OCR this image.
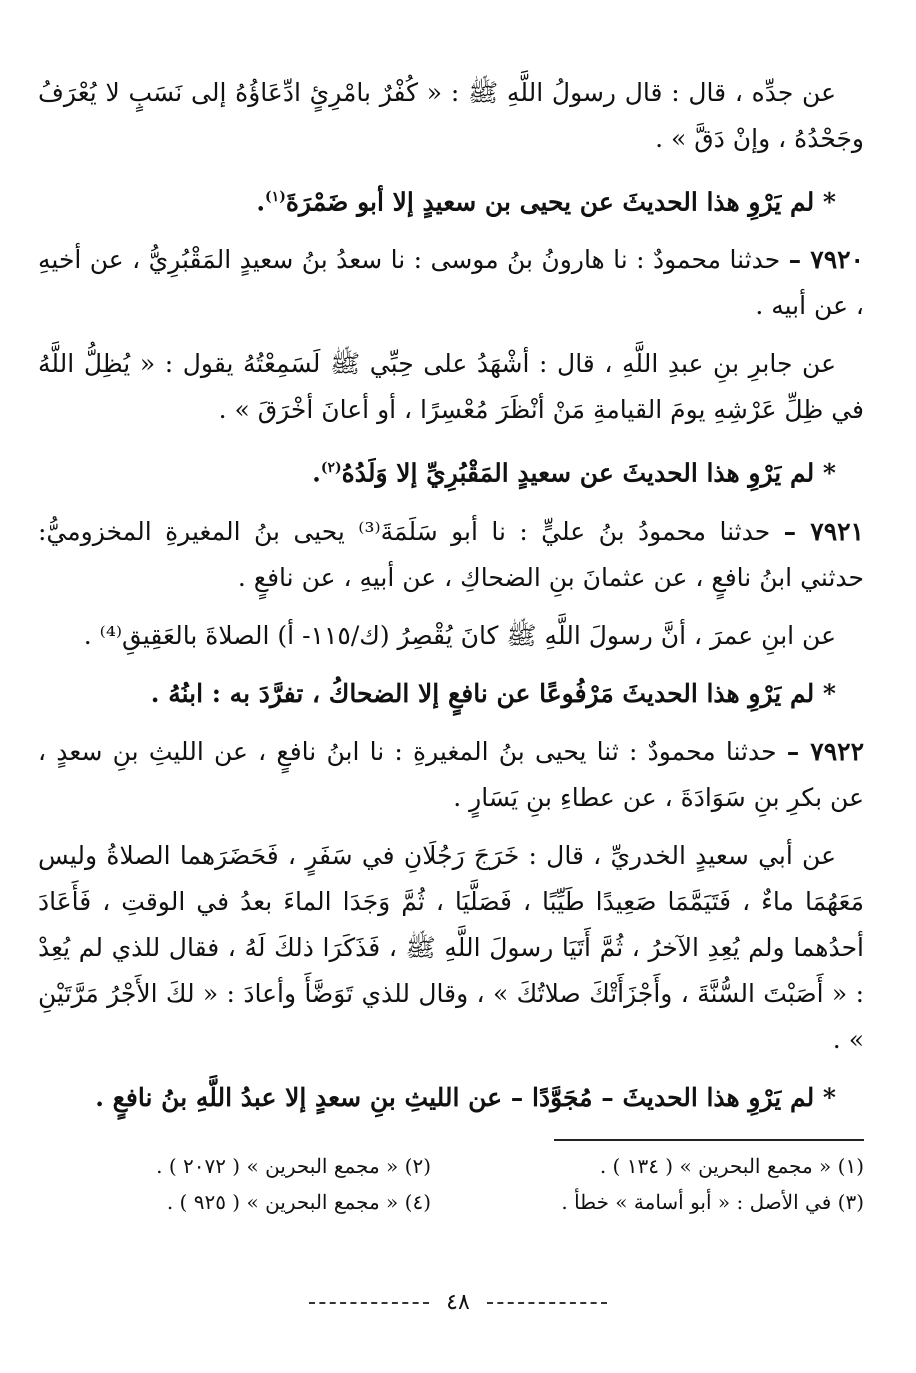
عن جدِّه ، قال : قال رسولُ اللَّهِ ﷺ : « كُفْرٌ بامْرِئٍ ادِّعَاؤُهُ إلى نَسَبٍ لا يُعْرَفُ وجَحْدُهُ ، وإنْ دَقَّ » .

* لم يَرْوِ هذا الحديثَ عن يحيى بن سعيدٍ إلا أبو ضَمْرَةَ$^{(١)}$.

٧٩٢٠ – حدثنا محمودٌ : نا هارونُ بنُ موسى : نا سعدُ بنُ سعيدٍ المَقْبُرِيُّ ، عن أخيهِ ، عن أبيه .

عن جابرِ بنِ عبدِ اللَّهِ ، قال : أشْهَدُ على حِبِّي ﷺ لَسَمِعْتُهُ يقول : « يُظِلُّ اللَّهُ في ظِلِّ عَرْشِهِ يومَ القيامةِ مَنْ أنْظَرَ مُعْسِرًا ، أو أعانَ أخْرَقَ » .

* لم يَرْوِ هذا الحديثَ عن سعيدٍ المَقْبُرِيِّ إلا وَلَدُهُ$^{(٢)}$.

٧٩٢١ – حدثنا محمودُ بنُ عليٍّ : نا أبو سَلَمَةَ⁽³⁾ يحيى بنُ المغيرةِ المخزوميُّ: حدثني ابنُ نافعٍ ، عن عثمانَ بنِ الضحاكِ ، عن أبيهِ ، عن نافعٍ .

عن ابنِ عمرَ ، أنَّ رسولَ اللَّهِ ﷺ كانَ يُقْصِرُ (ك/١١٥- أ) الصلاةَ بالعَقِيقِ⁽⁴⁾ .

* لم يَرْوِ هذا الحديثَ مَرْفُوعًا عن نافعٍ إلا الضحاكُ ، تفرَّدَ به : ابنُهُ .

٧٩٢٢ – حدثنا محمودٌ : ثنا يحيى بنُ المغيرةِ : نا ابنُ نافعٍ ، عن الليثِ بنِ سعدٍ ، عن بكرِ بنِ سَوَادَةَ ، عن عطاءِ بنِ يَسَارٍ .

عن أبي سعيدٍ الخدريِّ ، قال : خَرَجَ رَجُلَانِ في سَفَرٍ ، فَحَضَرَهما الصلاةُ وليس مَعَهُمَا ماءٌ ، فَتَيَمَّمَا صَعِيدًا طَيِّبًا ، فَصَلَّيَا ، ثُمَّ وَجَدَا الماءَ بعدُ في الوقتِ ، فَأَعَادَ أحدُهما ولم يُعِدِ الآخرُ ، ثُمَّ أَتَيَا رسولَ اللَّهِ ﷺ ، فَذَكَرَا ذلكَ لَهُ ، فقال للذي لم يُعِدْ : « أَصَبْتَ السُّنَّةَ ، وأَجْزَأَتْكَ صلاتُكَ » ، وقال للذي تَوَضَّأَ وأعادَ : « لكَ الأَجْرُ مَرَّتَيْنِ » .

* لم يَرْوِ هذا الحديثَ – مُجَوَّدًا – عن الليثِ بنِ سعدٍ إلا عبدُ اللَّهِ بنُ نافعٍ .

(١) « مجمع البحرين » ( ١٣٤ ) .
(٢) « مجمع البحرين » ( ٢٠٧٢ ) .
(٣) في الأصل : « أبو أسامة » خطأ .
(٤) « مجمع البحرين » ( ٩٢٥ ) .
٤٨
